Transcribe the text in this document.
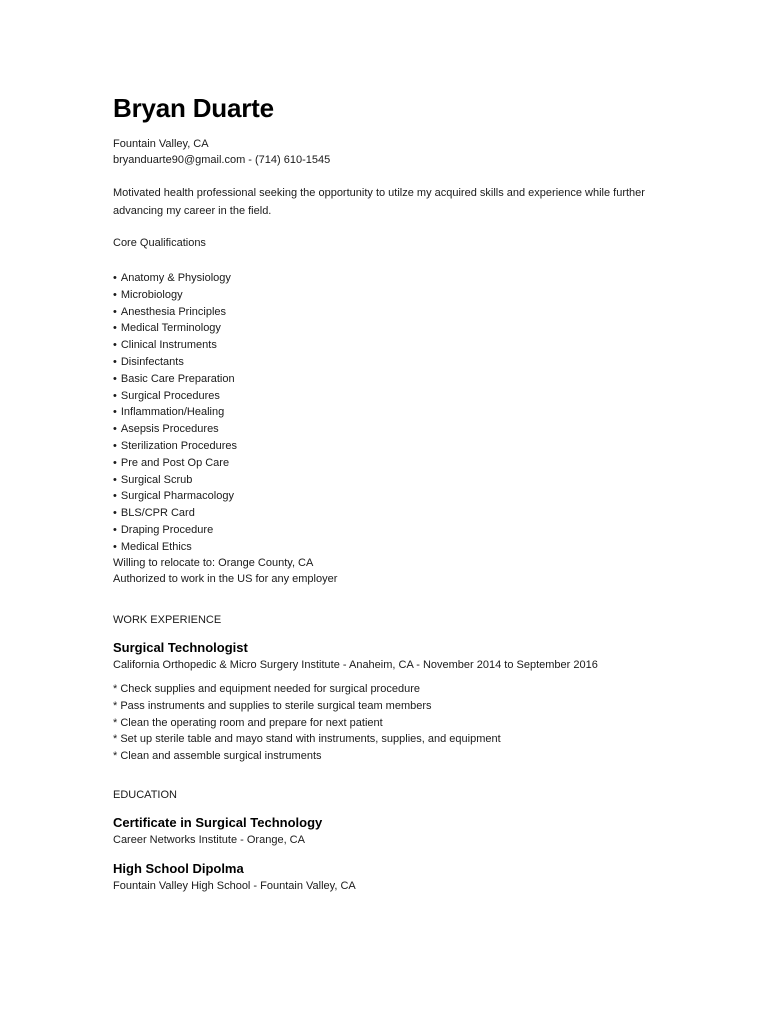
Bryan Duarte
Fountain Valley, CA
bryanduarte90@gmail.com - (714) 610-1545
Motivated health professional seeking the opportunity to utilze my acquired skills and experience while further advancing my career in the field.
Core Qualifications
• Anatomy & Physiology
• Microbiology
• Anesthesia Principles
• Medical Terminology
• Clinical Instruments
• Disinfectants
• Basic Care Preparation
• Surgical Procedures
• Inflammation/Healing
• Asepsis Procedures
• Sterilization Procedures
• Pre and Post Op Care
• Surgical Scrub
• Surgical Pharmacology
• BLS/CPR Card
• Draping Procedure
• Medical Ethics
Willing to relocate to: Orange County, CA
Authorized to work in the US for any employer
WORK EXPERIENCE
Surgical Technologist
California Orthopedic & Micro Surgery Institute - Anaheim, CA - November 2014 to September 2016
* Check supplies and equipment needed for surgical procedure
* Pass instruments and supplies to sterile surgical team members
* Clean the operating room and prepare for next patient
* Set up sterile table and mayo stand with instruments, supplies, and equipment
* Clean and assemble surgical instruments
EDUCATION
Certificate in Surgical Technology
Career Networks Institute - Orange, CA
High School Dipolma
Fountain Valley High School - Fountain Valley, CA
